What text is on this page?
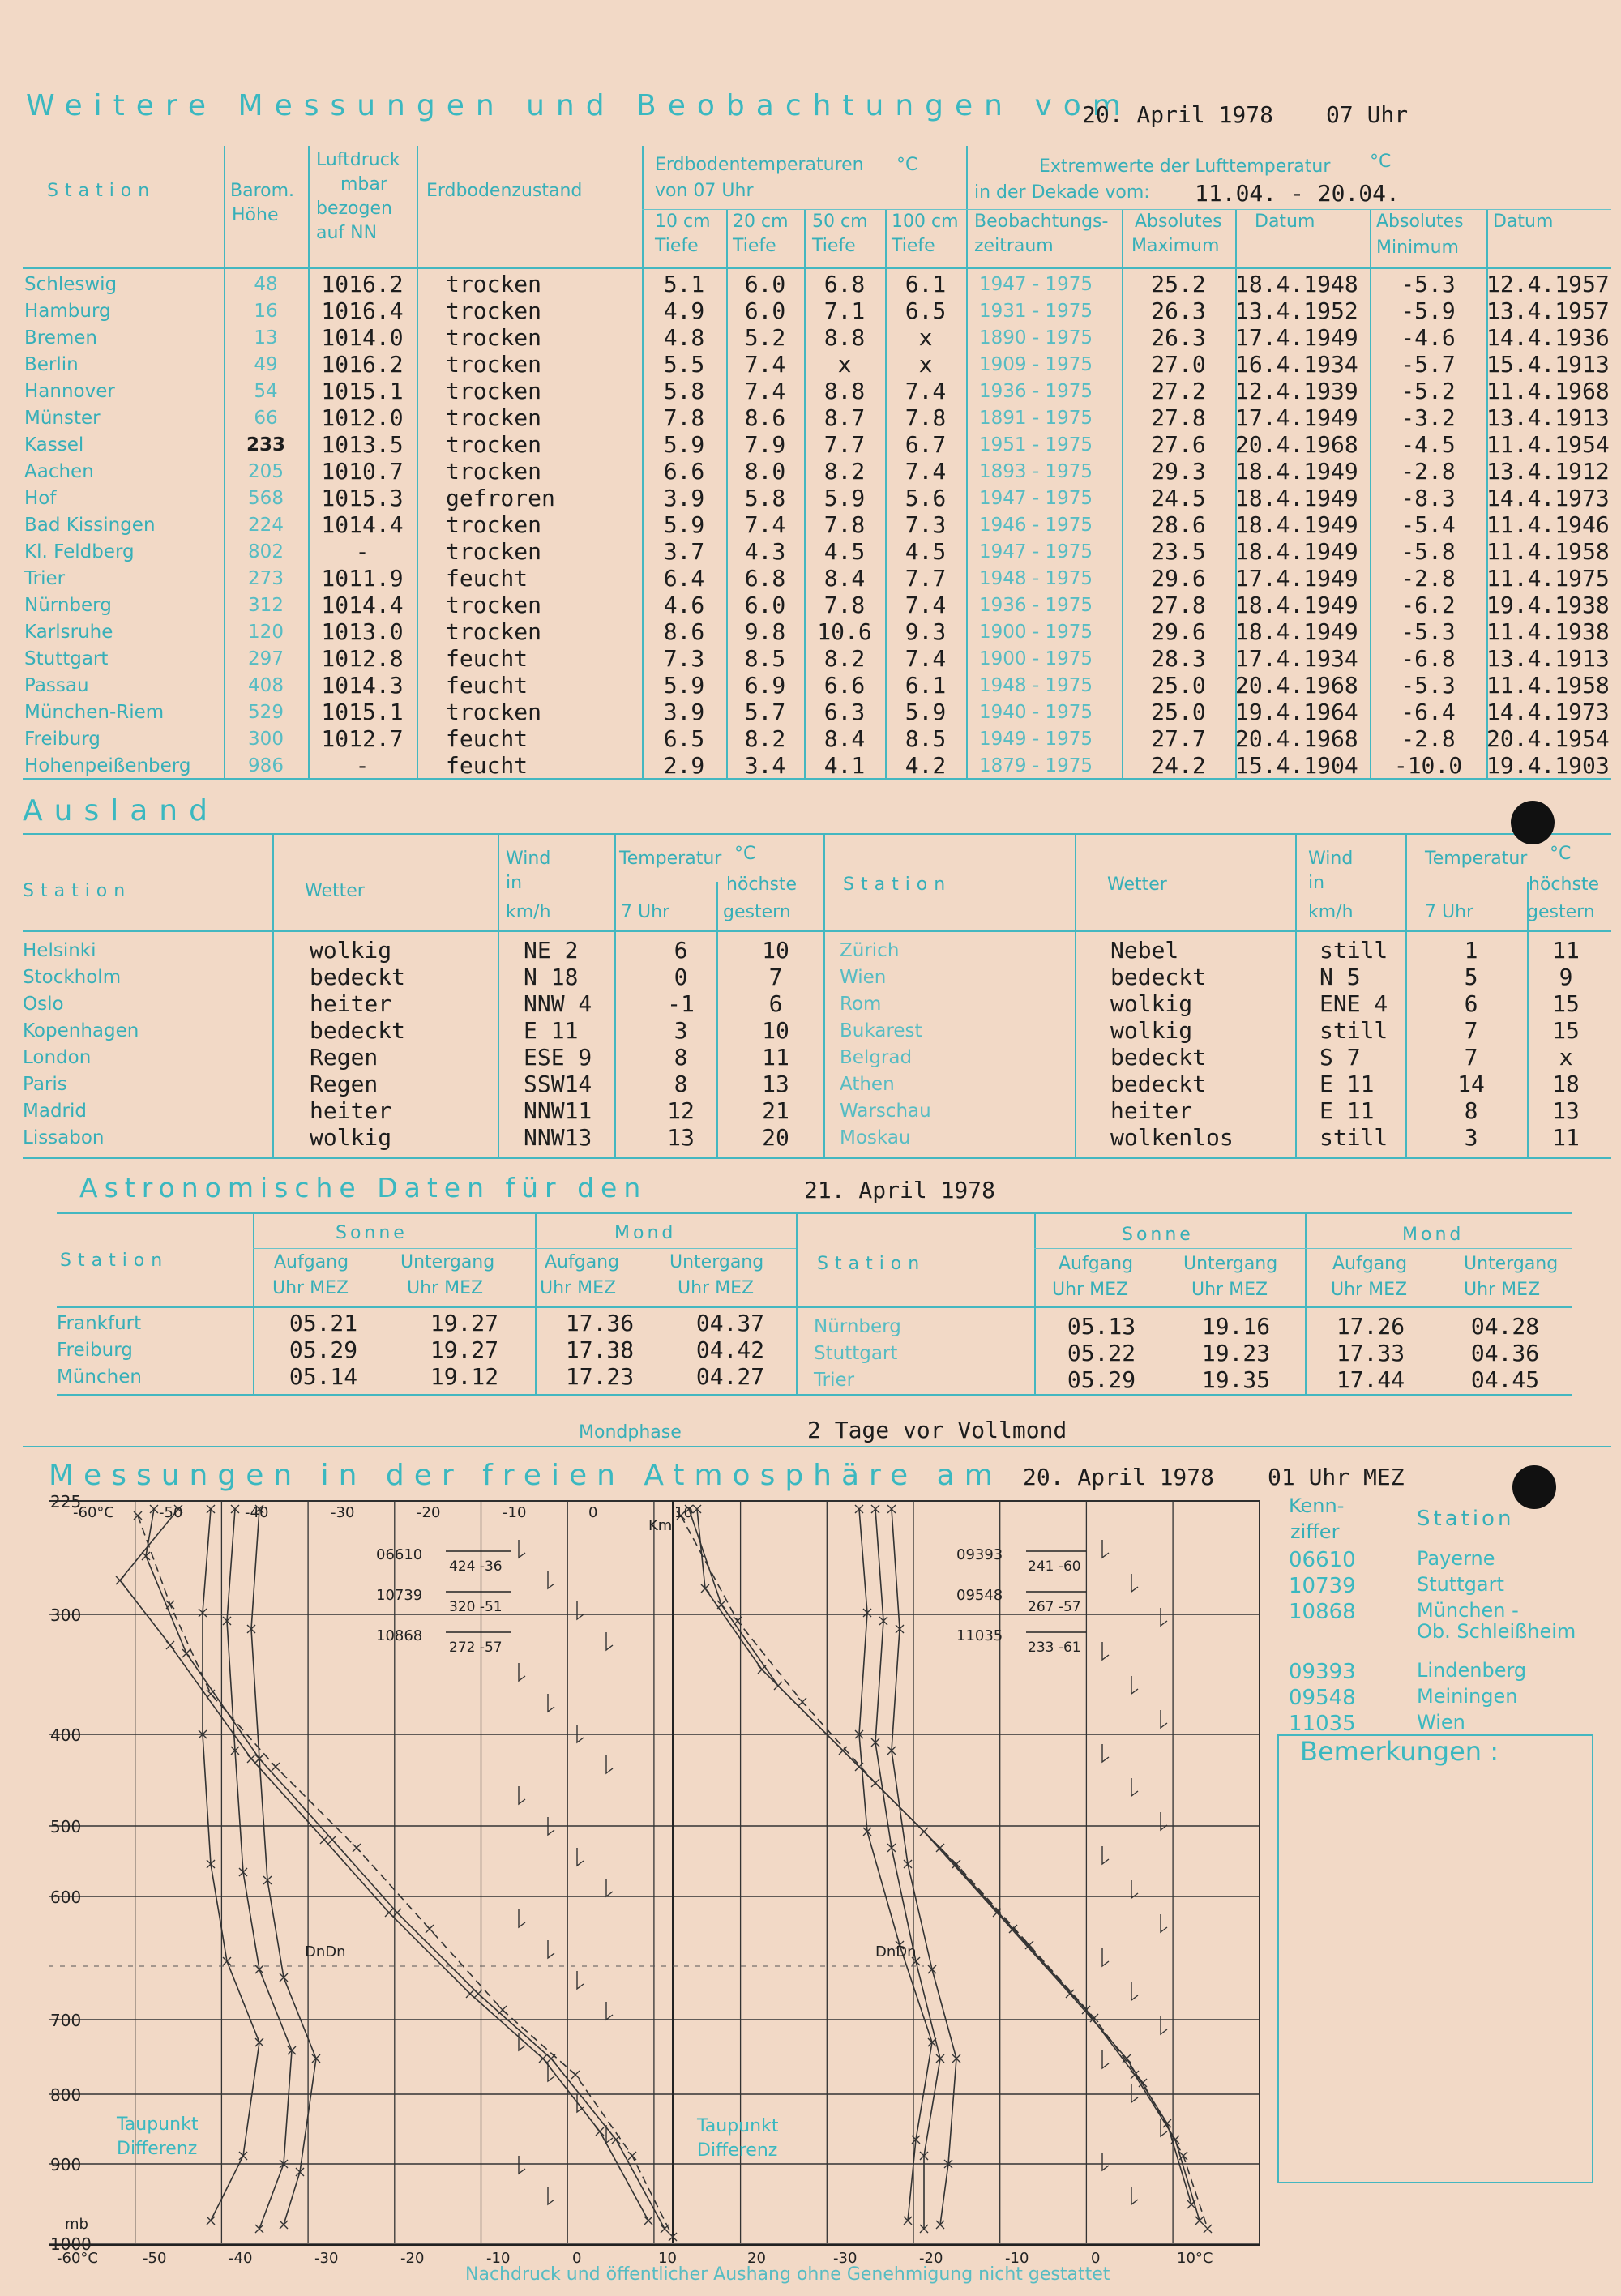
Weitere Messungen und Beobachtungen vom
20. April 1978 07 Uhr
Station	Barom.
Höhe
Luftdruck
mbar
bezogen
auf NN
Erdbodenzustand
Erdbodentemperaturen °C
von 07 Uhr
10 cm 20 cm 50 cm 100 cm
Tiefe Tiefe Tiefe Tiefe
Extremwerte der Lufttemperatur °C
in der Dekade vom: 11.04. - 20.04.
Beobachtungs-
zeitraum
Absolutes
Maximum
Datum	Absolutes
Minimum
Datum
Schleswig	48	1016.2	trocken	5.1	6.0	6.8	6.1	1947 - 1975	25.2	18.4.1948	-5.3	12.4.1957
Hamburg	16	1016.4	trocken	4.9	6.0	7.1	6.5	1931 - 1975	26.3	13.4.1952	-5.9	13.4.1957
Bremen	13	1014.0	trocken	4.8	5.2	8.8	x	1890 - 1975	26.3	17.4.1949	-4.6	14.4.1936
Berlin	49	1016.2	trocken	5.5	7.4	x	x	1909 - 1975	27.0	16.4.1934	-5.7	15.4.1913
Hannover	54	1015.1	trocken	5.8	7.4	8.8	7.4	1936 - 1975	27.2	12.4.1939	-5.2	11.4.1968
Münster	66	1012.0	trocken	7.8	8.6	8.7	7.8	1891 - 1975	27.8	17.4.1949	-3.2	13.4.1913
Kassel	233	1013.5	trocken	5.9	7.9	7.7	6.7	1951 - 1975	27.6	20.4.1968	-4.5	11.4.1954
Aachen	205	1010.7	trocken	6.6	8.0	8.2	7.4	1893 - 1975	29.3	18.4.1949	-2.8	13.4.1912
Hof	568	1015.3	gefroren	3.9	5.8	5.9	5.6	1947 - 1975	24.5	18.4.1949	-8.3	14.4.1973
Bad Kissingen	224	1014.4	trocken	5.9	7.4	7.8	7.3	1946 - 1975	28.6	18.4.1949	-5.4	11.4.1946
Kl. Feldberg	802	-	trocken	3.7	4.3	4.5	4.5	1947 - 1975	23.5	18.4.1949	-5.8	11.4.1958
Trier	273	1011.9	feucht	6.4	6.8	8.4	7.7	1948 - 1975	29.6	17.4.1949	-2.8	11.4.1975
Nürnberg	312	1014.4	trocken	4.6	6.0	7.8	7.4	1936 - 1975	27.8	18.4.1949	-6.2	19.4.1938
Karlsruhe	120	1013.0	trocken	8.6	9.8	10.6	9.3	1900 - 1975	29.6	18.4.1949	-5.3	11.4.1938
Stuttgart	297	1012.8	feucht	7.3	8.5	8.2	7.4	1900 - 1975	28.3	17.4.1934	-6.8	13.4.1913
Passau	408	1014.3	feucht	5.9	6.9	6.6	6.1	1948 - 1975	25.0	20.4.1968	-5.3	11.4.1958
München-Riem	529	1015.1	trocken	3.9	5.7	6.3	5.9	1940 - 1975	25.0	19.4.1964	-6.4	14.4.1973
Freiburg	300	1012.7	feucht	6.5	8.2	8.4	8.5	1949 - 1975	27.7	20.4.1968	-2.8	20.4.1954
Hohenpeißenberg	986	-	feucht	2.9	3.4	4.1	4.2	1879 - 1975	24.2	15.4.1904	-10.0	19.4.1903
Ausland
Station	Wetter
Wind
in
km/h
Temperatur °C
7 Uhr
höchste
gestern
Station	Wetter
Wind
in
km/h
Temperatur °C
7 Uhr
höchste
gestern
Helsinki	wolkig	NE 2	6	10
Stockholm	bedeckt	N 18	0	7
Oslo	heiter	NNW 4	-1	6
Kopenhagen	bedeckt	E 11	3	10
London	Regen	ESE 9	8	11
Paris	Regen	SSW14	8	13
Madrid	heiter	NNW11	12	21
Lissabon	wolkig	NNW13	13	20
Zürich	Nebel	still	1	11
Wien	bedeckt	N 5	5	9
Rom	wolkig	ENE 4	6	15
Bukarest	wolkig	still	7	15
Belgrad	bedeckt	S 7	7	x
Athen	bedeckt	E 11	14	18
Warschau	heiter	E 11	8	13
Moskau	wolkenlos	still	3	11
Astronomische Daten für den	21. April 1978
Station
Sonne	Mond
Aufgang	Untergang	Aufgang	Untergang
Uhr MEZ	Uhr MEZ	Uhr MEZ	Uhr MEZ
Station
Sonne	Mond
Aufgang	Untergang	Aufgang	Untergang
Uhr MEZ	Uhr MEZ	Uhr MEZ	Uhr MEZ
Frankfurt	05.21	19.27	17.36	04.37
Freiburg	05.29	19.27	17.38	04.42
München	05.14	19.12	17.23	04.27
Nürnberg	05.13	19.16	17.26	04.28
Stuttgart	05.22	19.23	17.33	04.36
Trier	05.29	19.35	17.44	04.45
Mondphase	2 Tage vor Vollmond
Messungen in der freien Atmosphäre am 20. April 1978 01 Uhr MEZ
225
300
400
500
600
700
800
900
1000
Km
mb
-60°C	-50	-40	-30	-20	-10	0	10	20	-30	-20	-10	0	10°C
-60°C	-50	-40	-30	-20	-10	0	10
Taupunkt
Differenz
Taupunkt
Differenz
DnDn	DnDn
06610
424 -36
10739
320 -51
10868
272 -57
09393
241 -60
09548
267 -57
11035
233 -61
Kenn-
ziffer
Station
06610	Payerne
10739	Stuttgart
10868	München -
Ob. Schleißheim
09393	Lindenberg
09548	Meiningen
11035	Wien
Bemerkungen :
Nachdruck und öffentlicher Aushang ohne Genehmigung nicht gestattet
